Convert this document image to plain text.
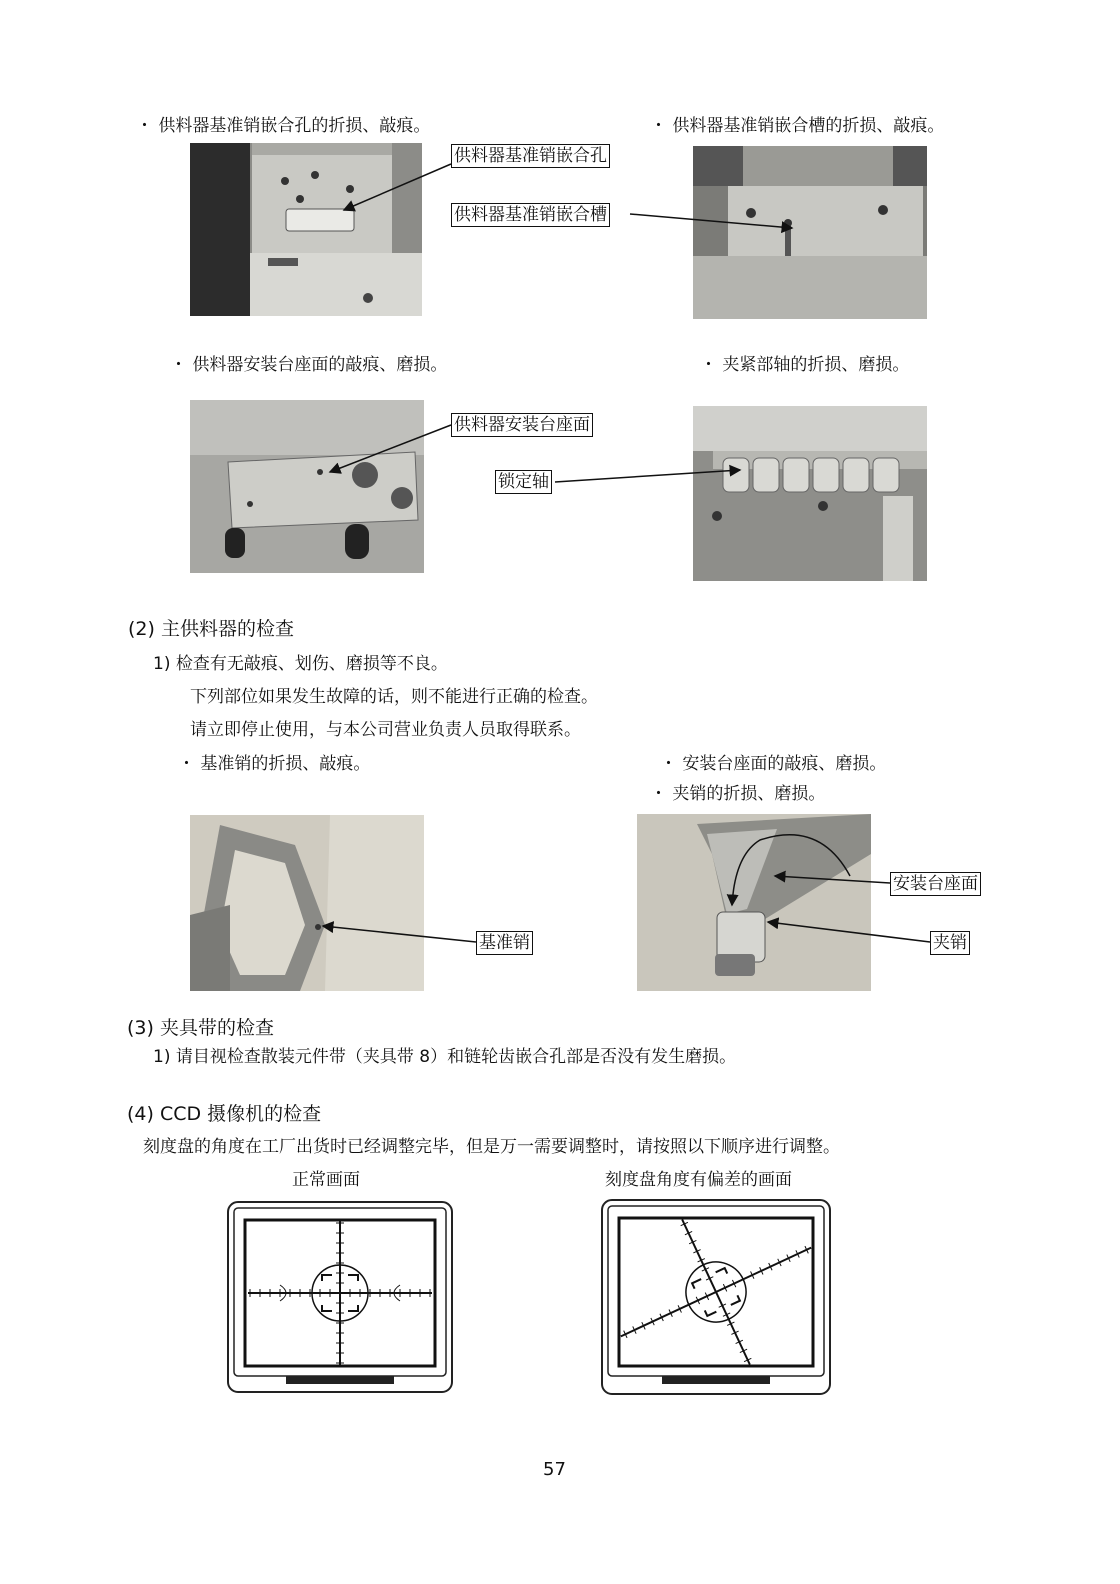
・ 供料器基准销嵌合孔的折损、敲痕。	・ 供料器基准销嵌合槽的折损、敲痕。
供料器基准销嵌合孔
供料器基准销嵌合槽
・ 供料器安装台座面的敲痕、磨损。	・ 夹紧部轴的折损、磨损。
供料器安装台座面
锁定轴
(2) 主供料器的检查
1) 检查有无敲痕、划伤、磨损等不良。
下列部位如果发生故障的话，则不能进行正确的检查。
请立即停止使用，与本公司营业负责人员取得联系。
・ 基准销的折损、敲痕。	・ 安装台座面的敲痕、磨损。
・ 夹销的折损、磨损。
基准销
安装台座面
夹销
(3) 夹具带的检查
1) 请目视检查散装元件带（夹具带 8）和链轮齿嵌合孔部是否没有发生磨损。
(4) CCD 摄像机的检查
刻度盘的角度在工厂出货时已经调整完毕，但是万一需要调整时，请按照以下顺序进行调整。
正常画面	刻度盘角度有偏差的画面
57
